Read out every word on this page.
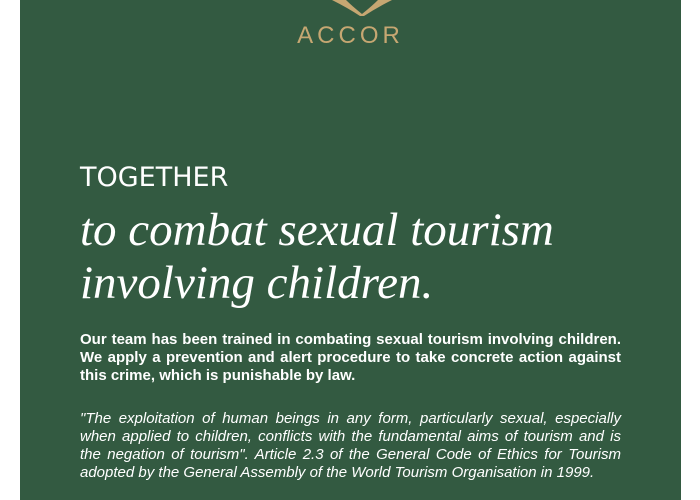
ACCOR
TOGETHER
to combat sexual tourism
involving children.

Our team has been trained in combating sexual tourism involving children. We apply a prevention and alert procedure to take concrete action against this crime, which is punishable by law.

"The exploitation of human beings in any form, particularly sexual, especially when applied to children, conflicts with the fundamental aims of tourism and is the negation of tourism". Article 2.3 of the General Code of Ethics for Tourism adopted by the General Assembly of the World Tourism Organisation in 1999.
